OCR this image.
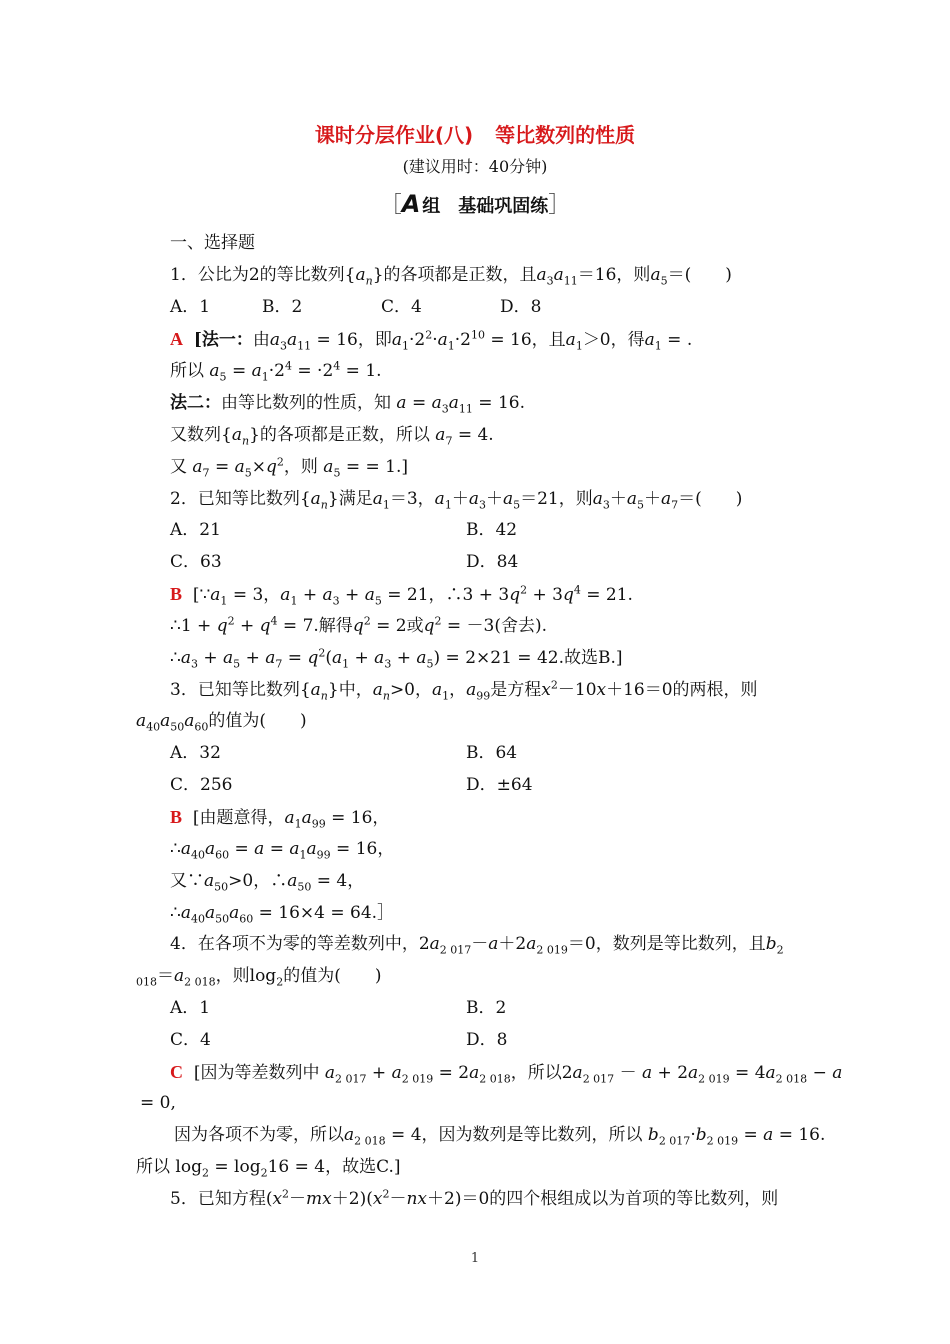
课时分层作业(八) 等比数列的性质
(建议用时：40分钟)
［A 组　基础巩固练］
一、选择题
1．公比为2的等比数列$\{a_n\}$的各项都是正数，且$a_3a_{11}=16$，则$a_5=$(　　)
A．1	B．2	C．4	D．8
A [法一：由$a_3a_{11} = 16$，即$a_1\cdot 2^2\cdot a_1\cdot 2^{10} = 16$，且$a_1>0$，得$a_1$ = .
所以 $a_5 = a_1\cdot 2^4 = \cdot 2^4 = 1$.
法二：由等比数列的性质，知 $a = a_3a_{11} = 16$.
又数列$\{a_n\}$的各项都是正数，所以 $a_7 = 4$.
又 $a_7 = a_5\times q^2$，则 $a_5$ = = 1.]
2．已知等比数列$\{a_n\}$满足$a_1=3$，$a_1+a_3+a_5=21$，则$a_3+a_5+a_7=$(　　)
A．21	B．42
C．63	D．84
B [$\because a_1 = 3$，$a_1 + a_3 + a_5 = 21$，∴3 + $3q^2 + 3q^4 = 21$.
∴1 + $q^2 + q^4 = 7$.解得$q^2 = 2$或$q^2 = -3$(舍去).
$\therefore a_3 + a_5 + a_7 = q^2(a_1 + a_3 + a_5) = 2\times 21 = 42$.故选B.]
3．已知等比数列$\{a_n\}$中，$a_n>0$，$a_1$，$a_{99}$是方程$x^2-10x+16=0$的两根，则
$a_{40}a_{50}a_{60}$的值为(　　)
A．32	B．64
C．256	D．±64
B [由题意得，$a_1a_{99} = 16$，
$\therefore a_{40}a_{60} = a = a_1a_{99} = 16$，
又$\because a_{50}>0$，$\therefore a_{50} = 4$，
$\therefore a_{40}a_{50}a_{60} = 16\times 4$ = 64.］
4．在各项不为零的等差数列中，$2a_{2 017}-a+2a_{2 019}=0$，数列是等比数列，且$b_2$
$_{018}=a_{2 018}$，则$\log_2$的值为(　　)
A．1	B．2
C．4	D．8
C [因为等差数列中 $a_{2 017} + a_{2 019} = 2a_{2 018}$，所以$2a_{2 017} - a + 2a_{2 019} = 4a_{2 018} - a$
= 0,
因为各项不为零，所以$a_{2 018} = 4$，因为数列是等比数列，所以 $b_{2 017}\cdot b_{2 019} = a = 16$.
所以 $\log_2 = \log_216 = 4$，故选C.]
5．已知方程$(x^2-mx+2)(x^2-nx+2)=0$的四个根组成以为首项的等比数列，则
1
